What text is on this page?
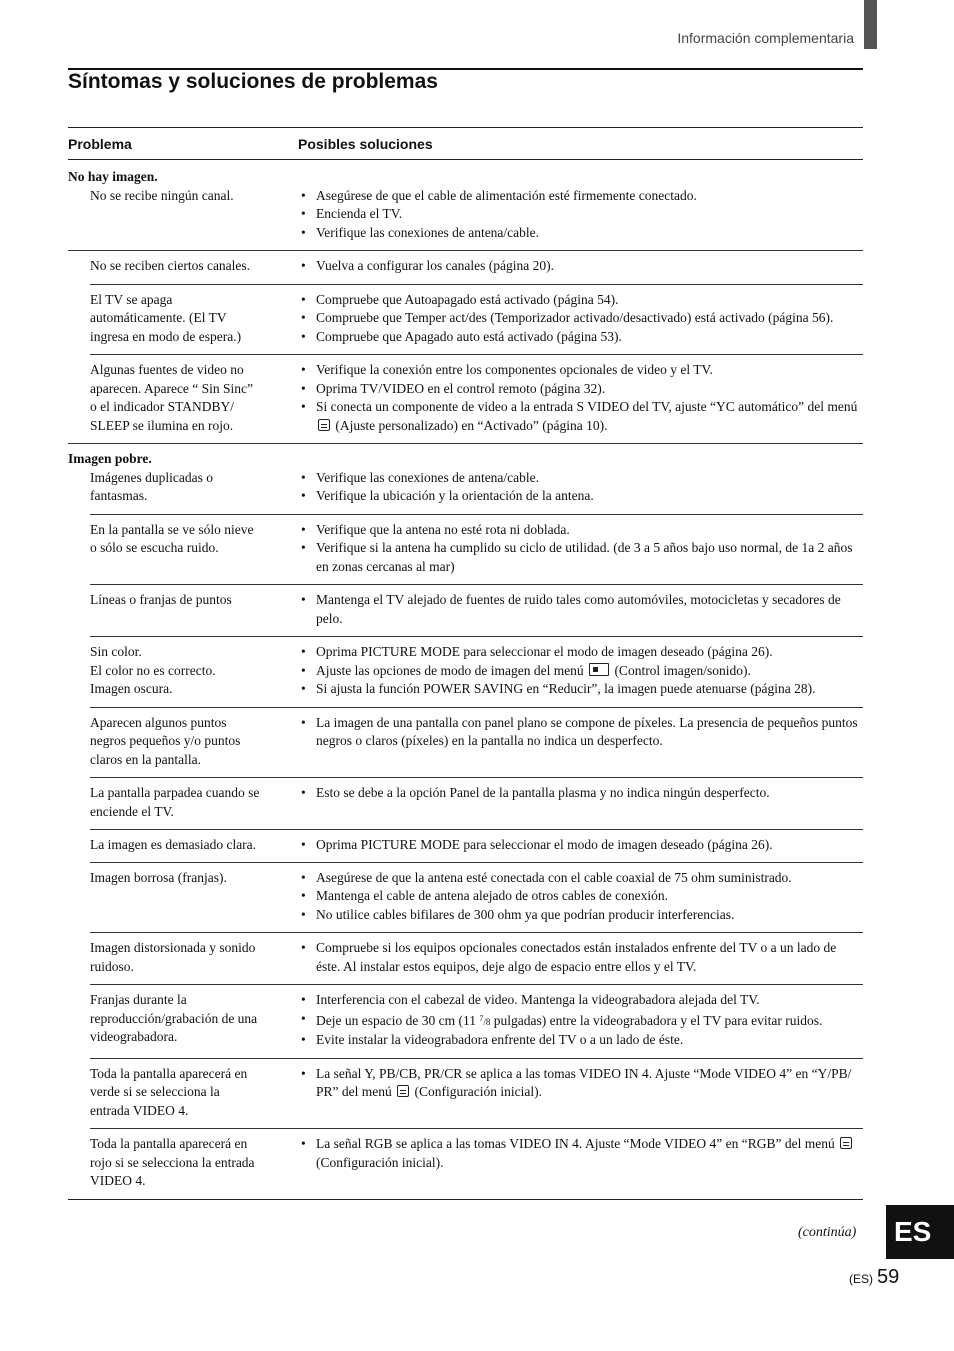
Información complementaria
Síntomas y soluciones de problemas
Problema	Posibles soluciones
No hay imagen.
No se recibe ningún canal.	• Asegúrese de que el cable de alimentación esté firmemente conectado.
• Encienda el TV.
• Verifique las conexiones de antena/cable.
No se reciben ciertos canales.	• Vuelva a configurar los canales (página 20).
El TV se apaga
automáticamente. (El TV
ingresa en modo de espera.)
• Compruebe que Autoapagado está activado (página 54).
• Compruebe que Temper act/des (Temporizador activado/desactivado) está activado (página 56).
• Compruebe que Apagado auto está activado (página 53).
Algunas fuentes de video no
aparecen. Aparece “ Sin Sinc”
o el indicador STANDBY/
SLEEP se ilumina en rojo.
• Verifique la conexión entre los componentes opcionales de video y el TV.
• Oprima TV/VIDEO en el control remoto (página 32).
• Si conecta un componente de video a la entrada S VIDEO del TV, ajuste “YC automático” del menú  (Ajuste personalizado) en “Activado” (página 10).
Imagen pobre.
Imágenes duplicadas o
fantasmas.
• Verifique las conexiones de antena/cable.
• Verifique la ubicación y la orientación de la antena.
En la pantalla se ve sólo nieve
o sólo se escucha ruido.
• Verifique que la antena no esté rota ni doblada.
• Verifique si la antena ha cumplido su ciclo de utilidad. (de 3 a 5 años bajo uso normal, de 1a 2 años en zonas cercanas al mar)
Líneas o franjas de puntos	• Mantenga el TV alejado de fuentes de ruido tales como automóviles, motocicletas y secadores de pelo.
Sin color.
El color no es correcto.
Imagen oscura.
• Oprima PICTURE MODE para seleccionar el modo de imagen deseado (página 26).
• Ajuste las opciones de modo de imagen del menú (Control imagen/sonido).
• Si ajusta la función POWER SAVING en “Reducir”, la imagen puede atenuarse (página 28).
Aparecen algunos puntos
negros pequeños y/o puntos
claros en la pantalla.
• La imagen de una pantalla con panel plano se compone de píxeles. La presencia de pequeños puntos negros o claros (píxeles) en la pantalla no indica un desperfecto.
La pantalla parpadea cuando se
enciende el TV.
• Esto se debe a la opción Panel de la pantalla plasma y no indica ningún desperfecto.
La imagen es demasiado clara.	• Oprima PICTURE MODE para seleccionar el modo de imagen deseado (página 26).
Imagen borrosa (franjas).	• Asegúrese de que la antena esté conectada con el cable coaxial de 75 ohm suministrado.
• Mantenga el cable de antena alejado de otros cables de conexión.
• No utilice cables bifilares de 300 ohm ya que podrían producir interferencias.
Imagen distorsionada y sonido
ruidoso.
• Compruebe si los equipos opcionales conectados están instalados enfrente del TV o a un lado de éste. Al instalar estos equipos, deje algo de espacio entre ellos y el TV.
Franjas durante la
reproducción/grabación de una
videograbadora.
• Interferencia con el cabezal de video. Mantenga la videograbadora alejada del TV.
• Deje un espacio de 30 cm (11 $^7$/8 pulgadas) entre la videograbadora y el TV para evitar ruidos.
• Evite instalar la videograbadora enfrente del TV o a un lado de éste.
Toda la pantalla aparecerá en
verde si se selecciona la
entrada VIDEO 4.
• La señal Y, PB/CB, PR/CR se aplica a las tomas VIDEO IN 4. Ajuste “Mode VIDEO 4” en “Y/PB/ PR” del menú (Configuración inicial).
Toda la pantalla aparecerá en
rojo si se selecciona la entrada
VIDEO 4.
• La señal RGB se aplica a las tomas VIDEO IN 4. Ajuste “Mode VIDEO 4” en “RGB” del menú  (Configuración inicial).
(continúa) ES
(ES) 59
